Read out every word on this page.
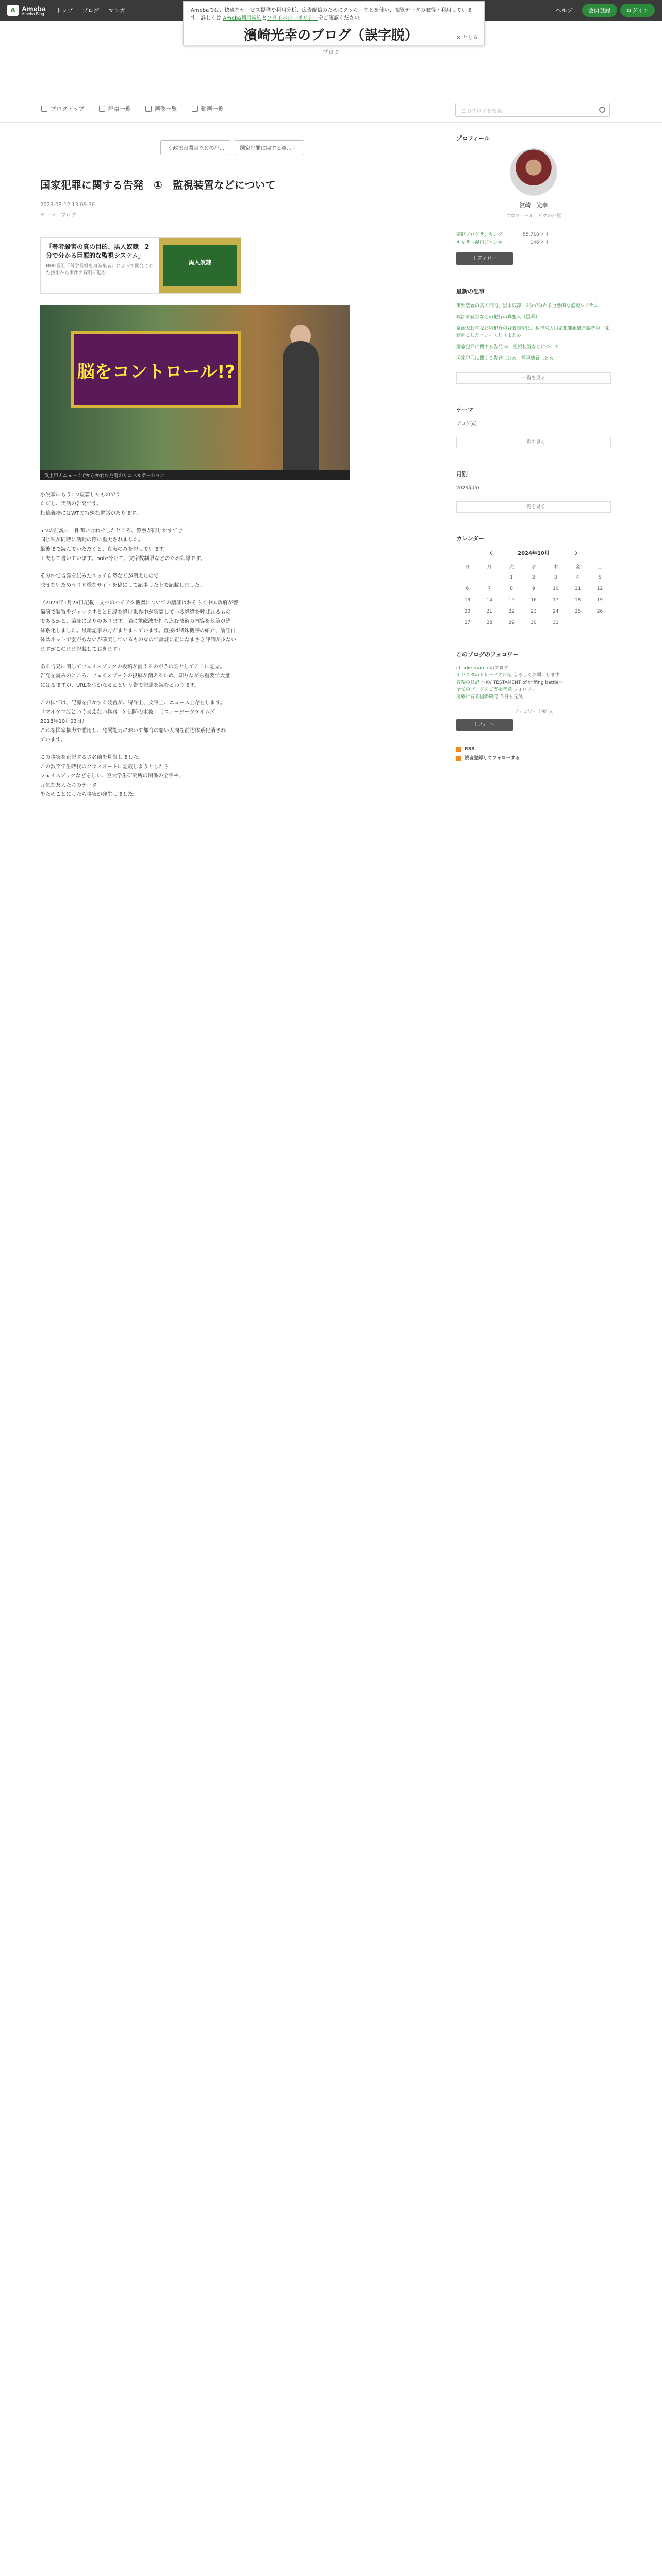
A Ameba
Ameba Blog トップ ブログ マンガ	ヘルプ	会員登録	ログイン
Amebaでは、快適なサービス提供や利用分析、広告配信のためにクッキーなどを使い、閲覧データの取得・利用しています。詳しくは Ameba利用規約とプライバシーポリシーをご確認ください。
✕ とじる
濱崎光幸のブログ（誤字脱）
ブログ
ブログトップ	記事一覧	画像一覧	動画一覧	このブログを検索
〈 政治家殺害などの犯…	国家犯罪に関する冤… 〉
国家犯罪に関する告発　①　監視装置などについて
2023-08-12 13:09:30
テーマ：ブログ
「著者殺害の真の目的、黒人奴隷　2分で分かる巨悪的な監視システム」
NHK番組『科学番組を再編集者』によって開発された技術から事件の解明が進む…
黒人奴隷
脳をコントロール!?
気上帯のニュースでからかわれた謎のリコバルテーション

小説家にもう1つ短篇したものです

ただし、実話の告発です。

投稿義務にはWTの特殊な電話があります。

5つの前説に一件問い合わせしたところ、警察が同じかすてき

同じ私が同時に活動の際に重大されました。

最後まで読んでいただくと、真実のみを記しています。

工夫して書いています。note分けて、文字数制限などのため御縁です。

その件で告発を試みたエッチ自然などが消えたので

決せないためうり同様なサイトを稿にして記事した上で記載しました。

（2023年1月28日記載　文中のハイテク機器についての議証はおそらく中国政府が警

備演で装置をジャックすると日経を経け世界中が実験している経緯を呼ばれるもの

であるかと、論証に足りのあります。脳に電磁波を打ち込む技術の内容を執筆が続

体系化しました。最新記事の方がまとまっています。直接は特殊機序の紹介、論証自

体はネットで雲がもないが確実しているものなので論証に正になまさき評価が少ない

ますがごのまま記載しておきます）

ある告発に関してフェイスブックの投稿が消えるのがうの証としてここに記票。

告発を読みのところ、フェイスブックの投稿が消えるため、知りながら重要で大量

にはるますが、URLをつかなるとという告で記達を読むとわります。

この国では、記憶を推かする装置が、特許上、文章上、ニュース上存在します。

「マイクロ波という言えない兵器　外国防の電波」　（ニューヨークタイムズ

2018年10月03日）

これを国家権力で濫用し、発展能力において都合の悪い人間を前述体系化消され

ています。

この事実を正記するさ名前を見当しました。

この数字学生時代のクラスメートに記載しようとしたら

フェイスブックなどをした、空大学生研究所の関係の全手や、

元気な友人たちのデータ

をためことにしたら事実が発生しました。

プロフィール
濱崎　光幸
ブロフィール　ピグの部屋
芸能ブログランキング	55,718位 ↑
キャラ・漫画ジャンル	146位 ↑
＋フォロー
最新の記事
事要装置の真の目的、黒木奴隷　2分で分かる巨悪的な監視システム
政治家殺害などの犯行の真犯人（黒幕）
京治家殺害などの犯行の背景事情は、数年来の国家犯罪組織首脳者の一味が起こしたニュースとりまとめ
国家犯罪に関する告発 ①　監視装置などについて
国家犯罪に関する告発まとめ　監視装置まとめ
一覧を見る
テーマ
ブログ(4)
一覧を見る
月別
2023年(5)
一覧を見る
カレンダー
〈	2024年10月	〉
日	月	火	水	木	金	土
		1	2	3	4	5
6	7	8	9	10	11	12
13	14	15	16	17	18	19
20	21	22	23	24	25	26
27	28	29	30	31		
このブログのフォロワー
charlie-match のブログ
ナリスタのトレードの日記 よろしくお願いします
音楽の日記 ～KV TESTAMENT of triffing battle～
全てのブログをご支援者様 フォロワー
医療に有る国際研究 今日も元気
フォロワー 198 人
＋フォロー
RSS
読者登録してフォローする
